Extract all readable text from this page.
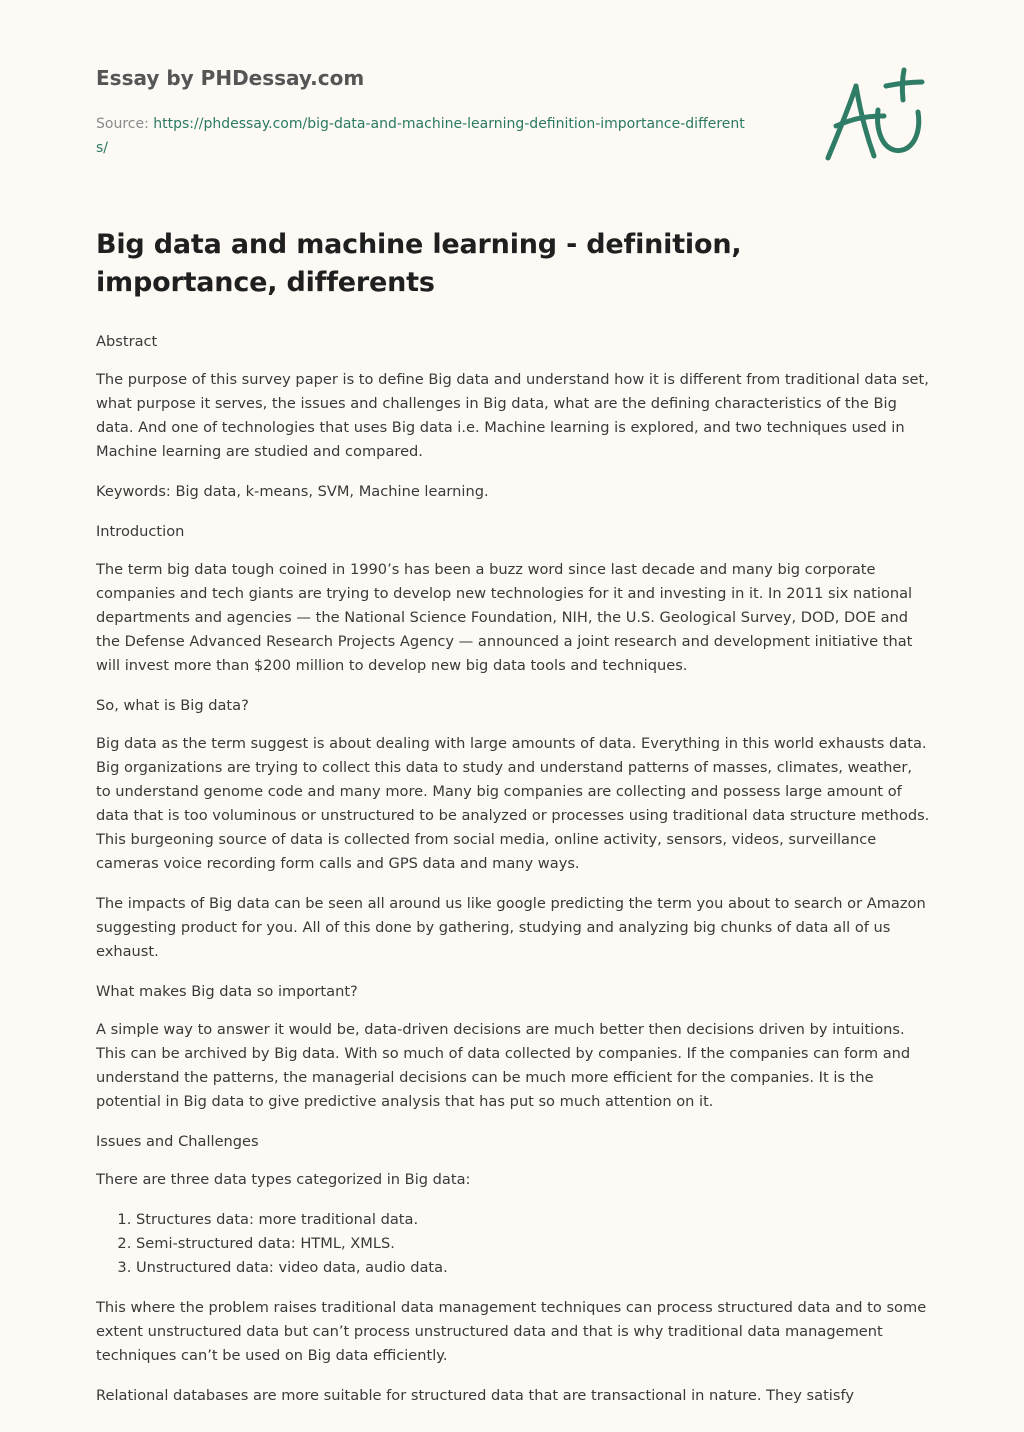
Essay by PHDessay.com
Source: https://phdessay.com/big-data-and-machine-learning-definition-importance-differents/
Big data and machine learning - definition, importance, differents

Abstract

The purpose of this survey paper is to define Big data and understand how it is different from traditional data set, what purpose it serves, the issues and challenges in Big data, what are the defining characteristics of the Big data. And one of technologies that uses Big data i.e. Machine learning is explored, and two techniques used in Machine learning are studied and compared.

Keywords: Big data, k-means, SVM, Machine learning.

Introduction

The term big data tough coined in 1990’s has been a buzz word since last decade and many big corporate companies and tech giants are trying to develop new technologies for it and investing in it. In 2011 six national departments and agencies — the National Science Foundation, NIH, the U.S. Geological Survey, DOD, DOE and the Defense Advanced Research Projects Agency — announced a joint research and development initiative that will invest more than $200 million to develop new big data tools and techniques.

So, what is Big data?

Big data as the term suggest is about dealing with large amounts of data. Everything in this world exhausts data. Big organizations are trying to collect this data to study and understand patterns of masses, climates, weather, to understand genome code and many more. Many big companies are collecting and possess large amount of data that is too voluminous or unstructured to be analyzed or processes using traditional data structure methods. This burgeoning source of data is collected from social media, online activity, sensors, videos, surveillance cameras voice recording form calls and GPS data and many ways.

The impacts of Big data can be seen all around us like google predicting the term you about to search or Amazon suggesting product for you. All of this done by gathering, studying and analyzing big chunks of data all of us exhaust.

What makes Big data so important?

A simple way to answer it would be, data-driven decisions are much better then decisions driven by intuitions. This can be archived by Big data. With so much of data collected by companies. If the companies can form and understand the patterns, the managerial decisions can be much more efficient for the companies. It is the potential in Big data to give predictive analysis that has put so much attention on it.

Issues and Challenges

There are three data types categorized in Big data:

1. Structures data: more traditional data.
2. Semi-structured data: HTML, XMLS.
3. Unstructured data: video data, audio data.

This where the problem raises traditional data management techniques can process structured data and to some extent unstructured data but can’t process unstructured data and that is why traditional data management techniques can’t be used on Big data efficiently.

Relational databases are more suitable for structured data that are transactional in nature. They satisfy
